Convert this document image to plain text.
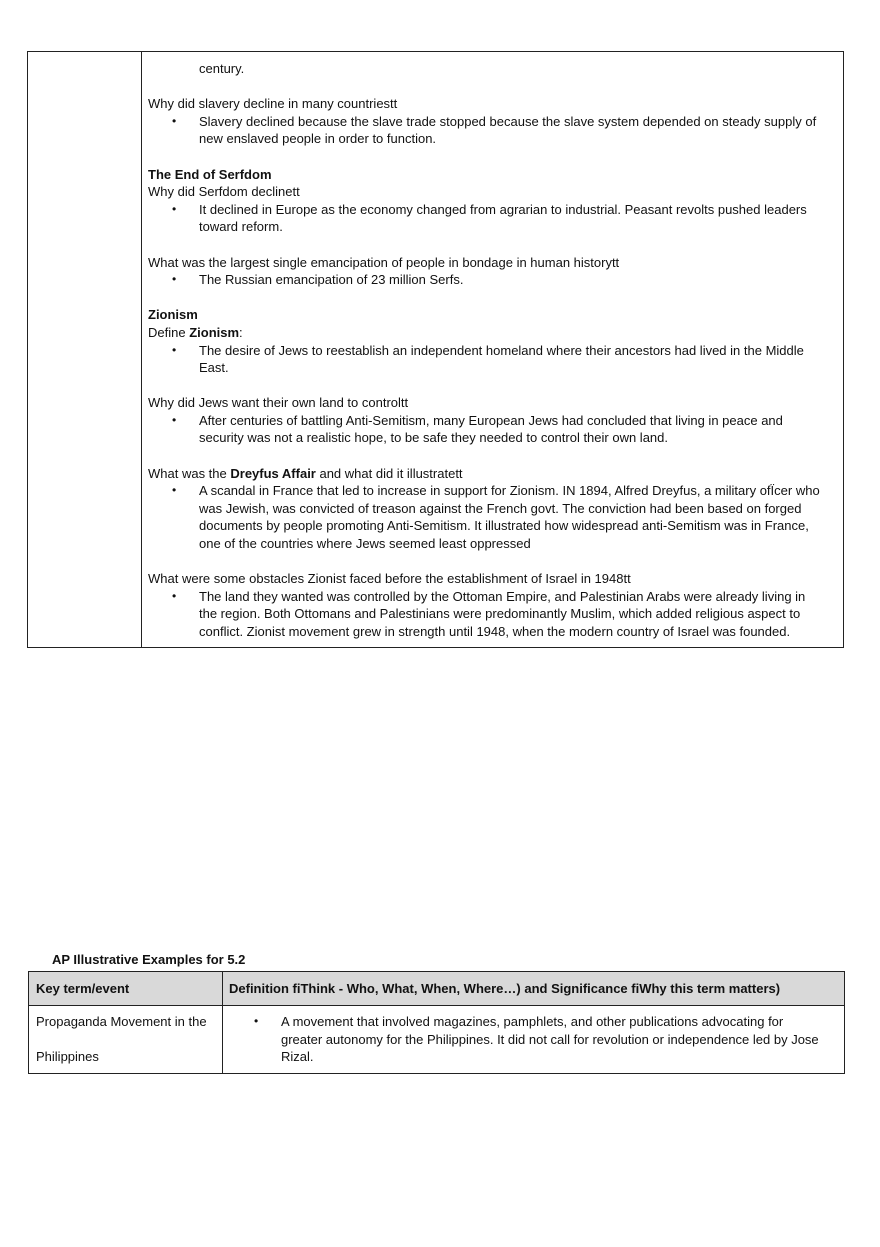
century.

Why did slavery decline in many countriestt

• Slavery declined because the slave trade stopped because the slave system depended on steady supply of

new enslaved people in order to function.

The End of Serfdom

Why did Serfdom declinett

• It declined in Europe as the economy changed from agrarian to industrial. Peasant revolts pushed leaders

toward reform.

What was the largest single emancipation of people in bondage in human historytt

• The Russian emancipation of 23 million Serfs.

Zionism

Define Zionism:

• The desire of Jews to reestablish an independent homeland where their ancestors had lived in the Middle

East.

Why did Jews want their own land to controltt

• After centuries of battling Anti-Semitism, many European Jews had concluded that living in peace and

security was not a realistic hope, to be safe they needed to control their own land.

What was the Dreyfus Affair and what did it illustratett

• A scandal in France that led to increase in support for Zionism. IN 1894, Alfred Dreyfus, a military ofÏcer who

was Jewish, was convicted of treason against the French govt. The conviction had been based on forged

documents by people promoting Anti-Semitism. It illustrated how widespread anti-Semitism was in France,

one of the countries where Jews seemed least oppressed

What were some obstacles Zionist faced before the establishment of Israel in 1948tt

• The land they wanted was controlled by the Ottoman Empire, and Palestinian Arabs were already living in

the region. Both Ottomans and Palestinians were predominantly Muslim, which added religious aspect to

conflict. Zionist movement grew in strength until 1948, when the modern country of Israel was founded.

AP Illustrative Examples for 5.2
Key term/event	Definition fiThink - Who, What, When, Where…) and Significance fiWhy this term matters)

Propaganda Movement in the

Philippines

• A movement that involved magazines, pamphlets, and other publications advocating for

greater autonomy for the Philippines. It did not call for revolution or independence led by Jose

Rizal.
